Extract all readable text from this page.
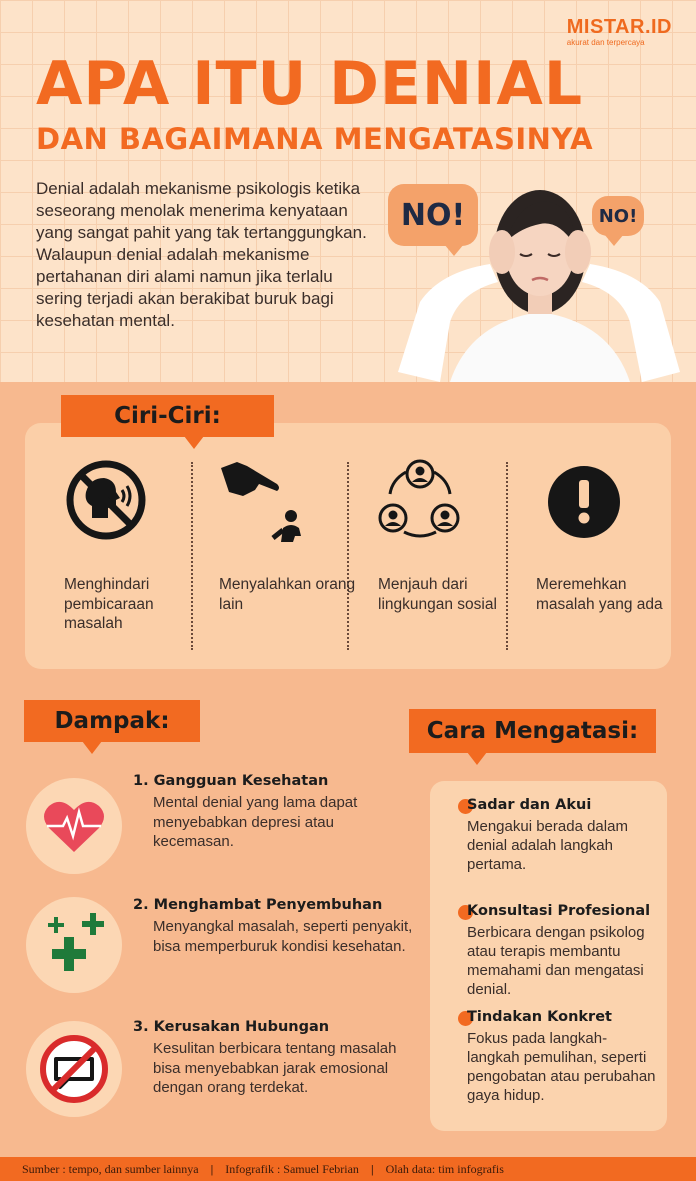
MISTAR.ID
akurat dan terpercaya
APA ITU DENIAL
DAN BAGAIMANA MENGATASINYA
Denial adalah mekanisme psikologis ketika seseorang menolak menerima kenyataan yang sangat pahit yang tak tertanggungkan. Walaupun denial adalah mekanisme pertahanan diri alami namun jika terlalu sering terjadi akan berakibat buruk bagi kesehatan mental.
NO!	NO!
Ciri-Ciri:
Menghindari pembicaraan masalah
Menyalahkan orang lain
Menjauh dari lingkungan sosial
Meremehkan masalah yang ada
Dampak:
1. Gangguan Kesehatan
Mental denial yang lama dapat menyebabkan depresi atau kecemasan.
2. Menghambat Penyembuhan
Menyangkal masalah, seperti penyakit, bisa memperburuk kondisi kesehatan.
3. Kerusakan Hubungan
Kesulitan berbicara tentang masalah bisa menyebabkan jarak emosional dengan orang terdekat.
Cara Mengatasi:
Sadar dan Akui
Mengakui berada dalam denial adalah langkah pertama.
Konsultasi Profesional
Berbicara dengan psikolog atau terapis membantu memahami dan mengatasi denial.
Tindakan Konkret
Fokus pada langkah-langkah pemulihan, seperti pengobatan atau perubahan gaya hidup.
Sumber : tempo, dan sumber lainnya | Infografik : Samuel Febrian | Olah data: tim infografis
